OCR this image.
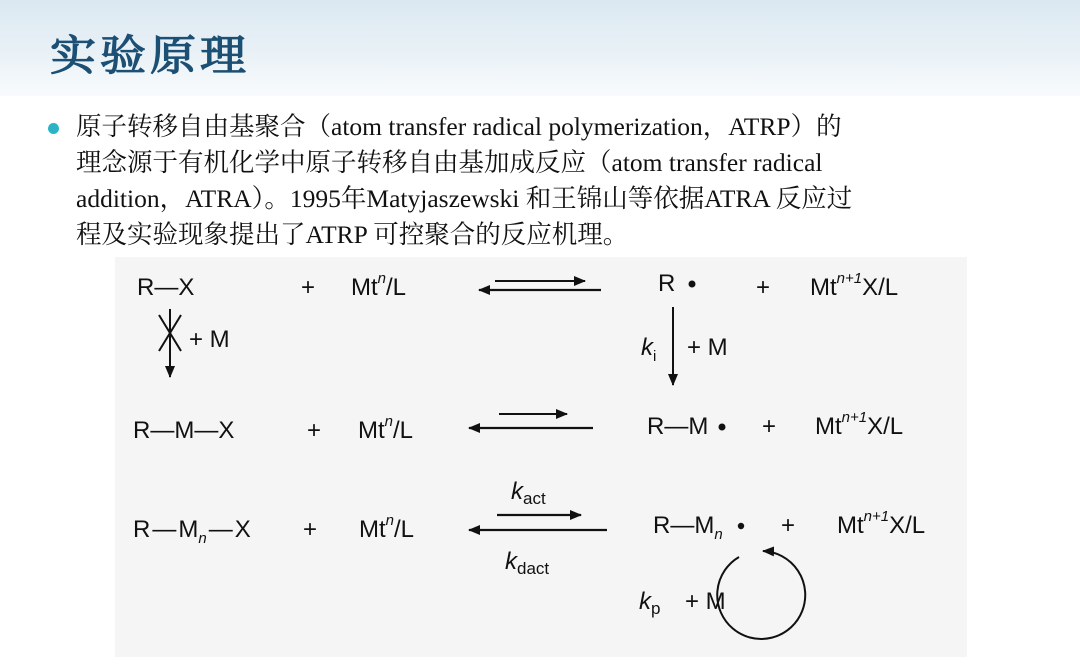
实验原理
原子转移自由基聚合（atom transfer radical polymerization，ATRP）的
理念源于有机化学中原子转移自由基加成反应（atom transfer radical
addition，ATRA）。1995年Matyjaszewski 和王锦山等依据ATRA 反应过
程及实验现象提出了ATRP 可控聚合的反应机理。
R—X	+ $Mt^n/L$	R	+ $Mt^{n+1}X/L$
+ M	$k_i + M$
R—M—X	+ $Mt^n/L$	R—M + $Mt^{n+1}X/L$
$R—M_n—X + Mt^n/L$
$k_{act}$
$k_{dact}$
$R—M_n + Mt^{n+1}X/L$
$k_p + M$
